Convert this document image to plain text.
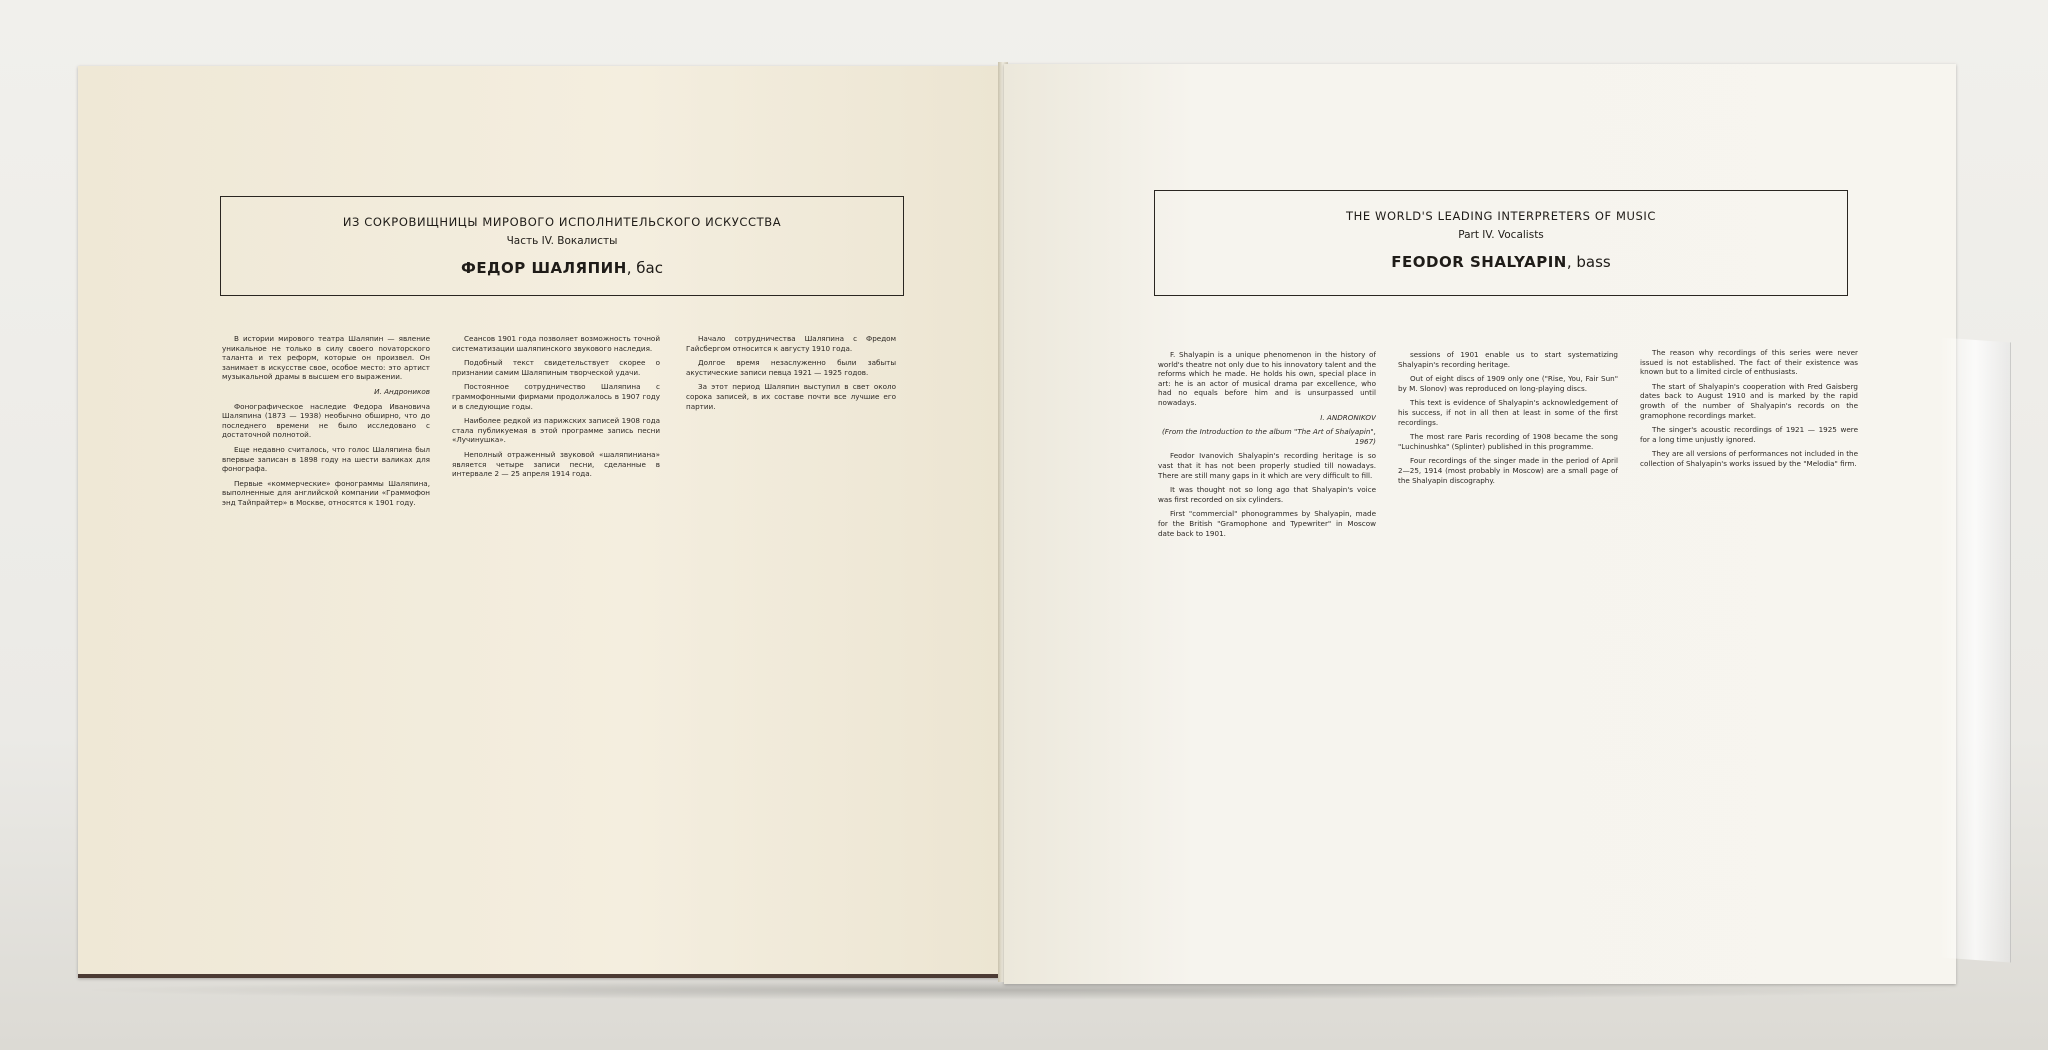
ИЗ СОКРОВИЩНИЦЫ МИРОВОГО ИСПОЛНИТЕЛЬСКОГО ИСКУССТВА
Часть IV. Вокалисты
ФЕДОР ШАЛЯПИН, бас
THE WORLD'S LEADING INTERPRETERS OF MUSIC
Part IV. Vocalists
FEODOR SHALYAPIN, bass

В истории мирового театра Шаляпин — явление уникальное не только в силу своего novаторского таланта и тех реформ, которые он произвел. Он занимает в искусстве свое, особое место: это артист музыкальной драмы в высшем его выражении.

И. Андроников

Фонографическое наследие Федора Ивановича Шаляпина (1873 — 1938) необычно обширно, что до последнего времени не было исследовано с достаточной полнотой.

Еще недавно считалось, что голос Шаляпина был впервые записан в 1898 году на шести валиках для фонографа.

Первые «коммерческие» фонограммы Шаляпина, выполненные для английской компании «Граммофон энд Тайпрайтер» в Москве, относятся к 1901 году.

Сеансов 1901 года позволяет возможность точной систематизации шаляпинского звукового наследия.

Подобный текст свидетельствует скорее о признании самим Шаляпиным творческой удачи.

Постоянное сотрудничество Шаляпина с граммофонными фирмами продолжалось в 1907 году и в следующие годы.

Наиболее редкой из парижских записей 1908 года стала публикуемая в этой программе запись песни «Лучинушка».

Неполный отраженный звуковой «шаляпиниана» является четыре записи песни, сделанные в интервале 2 — 25 апреля 1914 года.

Начало сотрудничества Шаляпина с Фредом Гайсбергом относится к августу 1910 года.

Долгое время незаслуженно были забыты акустические записи певца 1921 — 1925 годов.

За этот период Шаляпин выступил в свет около сорока записей, в их составе почти все лучшие его партии.

F. Shalyapin is a unique phenomenon in the history of world's theatre not only due to his innovatory talent and the reforms which he made. He holds his own, special place in art: he is an actor of musical drama par excellence, who had no equals before him and is unsurpassed until nowadays.

I. ANDRONIKOV

(From the Introduction to the album "The Art of Shalyapin", 1967)

Feodor Ivanovich Shalyapin's recording heritage is so vast that it has not been properly studied till nowadays. There are still many gaps in it which are very difficult to fill.

It was thought not so long ago that Shalyapin's voice was first recorded on six cylinders.

First "commercial" phonogrammes by Shalyapin, made for the British "Gramophone and Typewriter" in Moscow date back to 1901.

sessions of 1901 enable us to start systematizing Shalyapin's recording heritage.

Out of eight discs of 1909 only one ("Rise, You, Fair Sun" by M. Slonov) was reproduced on long-playing discs.

This text is evidence of Shalyapin's acknowledgement of his success, if not in all then at least in some of the first recordings.

The most rare Paris recording of 1908 became the song "Luchinushka" (Splinter) published in this programme.

Four recordings of the singer made in the period of April 2—25, 1914 (most probably in Moscow) are a small page of the Shalyapin discography.

The reason why recordings of this series were never issued is not established. The fact of their existence was known but to a limited circle of enthusiasts.

The start of Shalyapin's cooperation with Fred Gaisberg dates back to August 1910 and is marked by the rapid growth of the number of Shalyapin's records on the gramophone recordings market.

The singer's acoustic recordings of 1921 — 1925 were for a long time unjustly ignored.

They are all versions of performances not included in the collection of Shalyapin's works issued by the "Melodia" firm.
